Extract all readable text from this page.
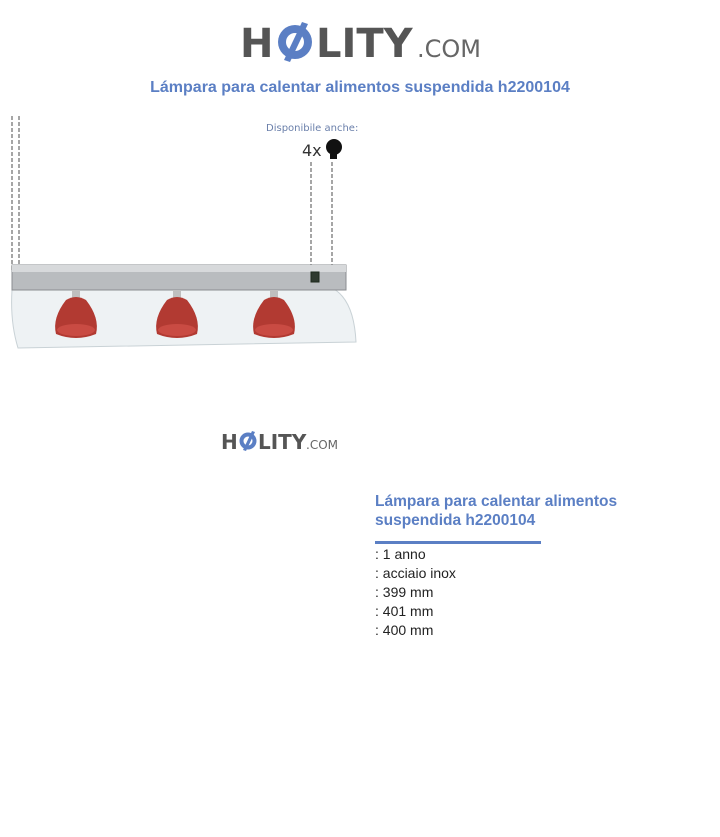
H LITY .COM
Lámpara para calentar alimentos suspendida h2200104
Disponibile anche:
4x
H LITY .COM
Lámpara para calentar alimentos suspendida h2200104
: 1 anno
: acciaio inox
: 399 mm
: 401 mm
: 400 mm
